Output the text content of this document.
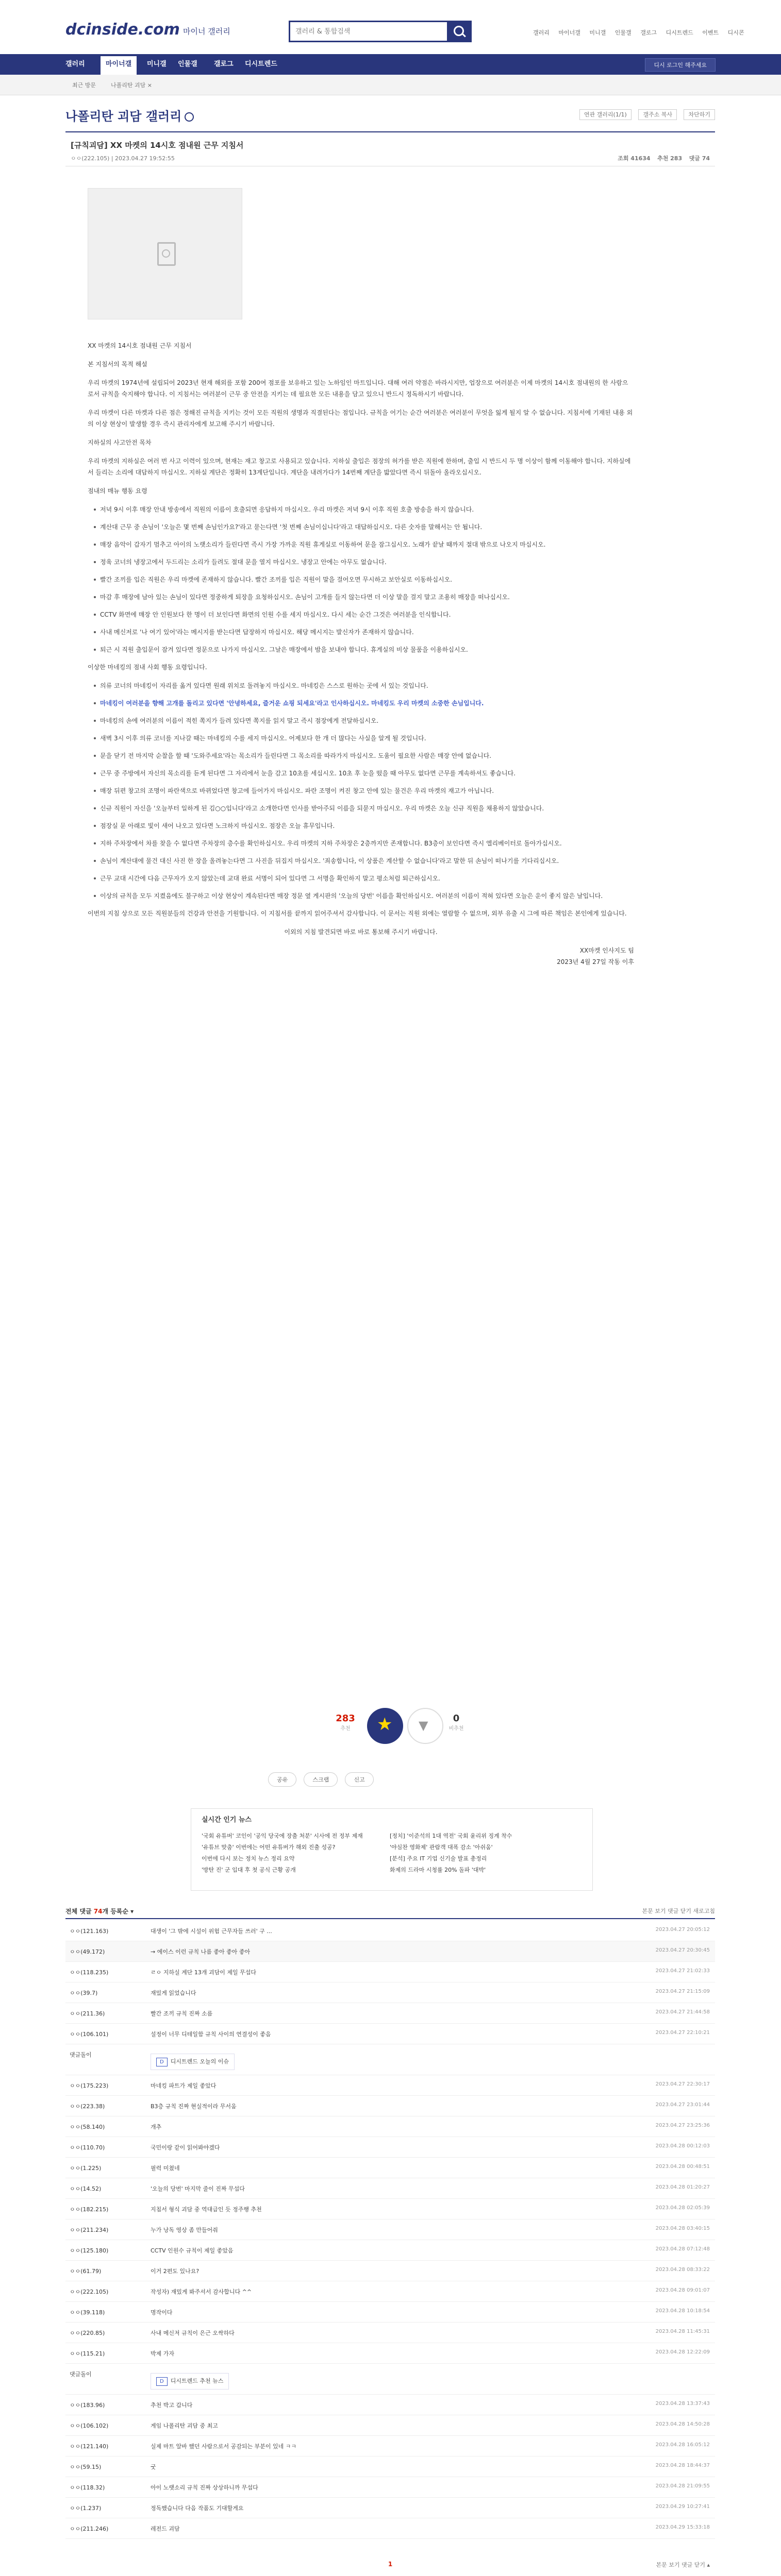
dcinside.com 마이너 갤러리
갤러리 & 통합검색	갤러리 마이너갤 미니갤 인물갤 갤로그 디시트렌드 이벤트 디시콘
갤러리	마이너갤	미니갤 인물갤 갤로그 디시트렌드	디시 로그인 해주세요
최근 방문	나폴리탄 괴담 ×
나폴리탄 괴담 갤러리	연관 갤러리(1/1)	갤주소 복사	차단하기
[규칙괴담] XX 마켓의 14시호 점내원 근무 지침서
ㅇㅇ(222.105) | 2023.04.27 19:52:55	조회 41634 추천 283 댓글 74
XX 마켓의 14시호 점내원 근무 지침서
본 지침서의 목적 해설
우리 마켓의 1974년에 설립되어 2023년 현재 해외를 포함 200여 점포를 보유하고 있는 노하임인 마트입니다. 대해 여러 약점은 바라시지만, 업장으로 여러분은 이제 마켓의 14시호 점내원의 한 사람으로서 규칙을 숙지해야 합니다. 이 지침서는 여러분이 근무 중 안전을 지키는 데 필요한 모든 내용을 담고 있으니 반드시 정독하시기 바랍니다.
우리 마켓이 다른 마켓과 다른 점은 정해진 규칙을 지키는 것이 모든 직원의 생명과 직결된다는 점입니다. 규칙을 어기는 순간 여러분은 여러분이 무엇을 잃게 될지 알 수 없습니다. 지침서에 기재된 내용 외의 이상 현상이 발생할 경우 즉시 관리자에게 보고해 주시기 바랍니다.
지하실의 사고안전 목차
우리 마켓의 지하실은 여러 번 사고 이력이 있으며, 현재는 재고 창고로 사용되고 있습니다. 지하실 출입은 점장의 허가를 받은 직원에 한하며, 출입 시 반드시 두 명 이상이 함께 이동해야 합니다. 지하실에서 들리는 소리에 대답하지 마십시오. 지하실 계단은 정확히 13계단입니다. 계단을 내려가다가 14번째 계단을 밟았다면 즉시 뒤돌아 올라오십시오.
점내의 매뉴 행동 요령
저녁 9시 이후 매장 안내 방송에서 직원의 이름이 호출되면 응답하지 마십시오. 우리 마켓은 저녁 9시 이후 직원 호출 방송을 하지 않습니다.
계산대 근무 중 손님이 '오늘은 몇 번째 손님인가요?'라고 묻는다면 '첫 번째 손님이십니다'라고 대답하십시오. 다른 숫자를 말해서는 안 됩니다.
매장 음악이 갑자기 멈추고 아이의 노랫소리가 들린다면 즉시 가장 가까운 직원 휴게실로 이동하여 문을 잠그십시오. 노래가 끝날 때까지 절대 밖으로 나오지 마십시오.
정육 코너의 냉장고에서 두드리는 소리가 들려도 절대 문을 열지 마십시오. 냉장고 안에는 아무도 없습니다.
빨간 조끼를 입은 직원은 우리 마켓에 존재하지 않습니다. 빨간 조끼를 입은 직원이 말을 걸어오면 무시하고 보안실로 이동하십시오.
마감 후 매장에 남아 있는 손님이 있다면 정중하게 퇴장을 요청하십시오. 손님이 고개를 들지 않는다면 더 이상 말을 걸지 말고 조용히 매장을 떠나십시오.
CCTV 화면에 매장 안 인원보다 한 명이 더 보인다면 화면의 인원 수를 세지 마십시오. 다시 세는 순간 그것은 여러분을 인식합니다.
사내 메신저로 '나 여기 있어'라는 메시지를 받는다면 답장하지 마십시오. 해당 메시지는 발신자가 존재하지 않습니다.
퇴근 시 직원 출입문이 잠겨 있다면 정문으로 나가지 마십시오. 그날은 매장에서 밤을 보내야 합니다. 휴게실의 비상 물품을 이용하십시오.
이상한 마네킹의 점내 사회 행동 요령입니다.
의류 코너의 마네킹이 자리를 옮겨 있다면 원래 위치로 돌려놓지 마십시오. 마네킹은 스스로 원하는 곳에 서 있는 것입니다.
마네킹이 여러분을 향해 고개를 돌리고 있다면 '안녕하세요, 즐거운 쇼핑 되세요'라고 인사하십시오. 마네킹도 우리 마켓의 소중한 손님입니다.
마네킹의 손에 여러분의 이름이 적힌 쪽지가 들려 있다면 쪽지를 읽지 말고 즉시 점장에게 전달하십시오.
새벽 3시 이후 의류 코너를 지나갈 때는 마네킹의 수를 세지 마십시오. 어제보다 한 개 더 많다는 사실을 알게 될 것입니다.
문을 닫기 전 마지막 순찰을 할 때 '도와주세요'라는 목소리가 들린다면 그 목소리를 따라가지 마십시오. 도움이 필요한 사람은 매장 안에 없습니다.
근무 중 주방에서 자신의 목소리를 듣게 된다면 그 자리에서 눈을 감고 10초를 세십시오. 10초 후 눈을 떴을 때 아무도 없다면 근무를 계속하셔도 좋습니다.
매장 뒤편 창고의 조명이 파란색으로 바뀌었다면 창고에 들어가지 마십시오. 파란 조명이 켜진 창고 안에 있는 물건은 우리 마켓의 재고가 아닙니다.
신규 직원이 자신을 '오늘부터 일하게 된 김○○입니다'라고 소개한다면 인사를 받아주되 이름을 되묻지 마십시오. 우리 마켓은 오늘 신규 직원을 채용하지 않았습니다.
점장실 문 아래로 빛이 새어 나오고 있다면 노크하지 마십시오. 점장은 오늘 휴무입니다.
지하 주차장에서 차를 찾을 수 없다면 주차장의 층수를 확인하십시오. 우리 마켓의 지하 주차장은 2층까지만 존재합니다. B3층이 보인다면 즉시 엘리베이터로 돌아가십시오.
손님이 계산대에 물건 대신 사진 한 장을 올려놓는다면 그 사진을 뒤집지 마십시오. '죄송합니다, 이 상품은 계산할 수 없습니다'라고 말한 뒤 손님이 떠나기를 기다리십시오.
근무 교대 시간에 다음 근무자가 오지 않았는데 교대 완료 서명이 되어 있다면 그 서명을 확인하지 말고 평소처럼 퇴근하십시오.
이상의 규칙을 모두 지켰음에도 불구하고 이상 현상이 계속된다면 매장 정문 옆 게시판의 '오늘의 당번' 이름을 확인하십시오. 여러분의 이름이 적혀 있다면 오늘은 운이 좋지 않은 날입니다.
이번의 지침 상으로 모든 직원분들의 건강과 안전을 기원합니다. 이 지침서를 끝까지 읽어주셔서 감사합니다. 이 문서는 직원 외에는 열람할 수 없으며, 외부 유출 시 그에 따른 책임은 본인에게 있습니다.
이외의 지침 발견되면 바로 바로 통보해 주시기 바랍니다.
XX마켓 인사지도 팀
2023년 4월 27일 작동 이후
283
추천
★
▼
0
비추천
공유	스크랩	신고
실시간 인기 뉴스
'국회 유튜버' 코인이 '공익 당국에 장출 처분' 시사에 전 정부 제재	[정치] '이준석의 1대 역전' 국회 윤리위 징계 착수
'유튜브 맞춤' 이번에는 어떤 유튜버가 해외 진출 성공?	'야심찬 영화제' 관람객 대폭 감소 '아쉬움'
이번에 다시 보는 정치 뉴스 정리 요약	[분석] 주요 IT 기업 신기술 발표 총정리
'방탄 진' 군 입대 후 첫 공식 근황 공개	화제의 드라마 시청률 20% 돌파 '대박'
전체 댓글 74개 등록순 ▾	본문 보기 댓글 닫기 새로고침
ㅇㅇ(121.163)	대생이 '그 밖에 시설이 위험 근무자들 쓰러' 구 ...	2023.04.27 20:05:12
ㅇㅇ(49.172)	→ 에이스 이런 규칙 나름 좋아 좋아 좋아	2023.04.27 20:30:45
ㅇㅇ(118.235)	ㄹㅇ 지하실 계단 13개 괴담이 제일 무섭다	2023.04.27 21:02:33
ㅇㅇ(39.7)	재밌게 읽었습니다	2023.04.27 21:15:09
ㅇㅇ(211.36)	빨간 조끼 규칙 진짜 소름	2023.04.27 21:44:58
ㅇㅇ(106.101)	설정이 너무 디테일함 규칙 사이의 연결성이 좋음	2023.04.27 22:10:21
댓글돌이
D 디시트렌드 오늘의 이슈
ㅇㅇ(175.223)	마네킹 파트가 제일 좋았다	2023.04.27 22:30:17
ㅇㅇ(223.38)	B3층 규칙 진짜 현실적이라 무서움	2023.04.27 23:01:44
ㅇㅇ(58.140)	개추	2023.04.27 23:25:36
ㅇㅇ(110.70)	국민이랑 같이 읽어봐야겠다	2023.04.28 00:12:03
ㅇㅇ(1.225)	필력 미쳤네	2023.04.28 00:48:51
ㅇㅇ(14.52)	'오늘의 당번' 마지막 줄이 진짜 무섭다	2023.04.28 01:20:27
ㅇㅇ(182.215)	지침서 형식 괴담 중 역대급인 듯 정주행 추천	2023.04.28 02:05:39
ㅇㅇ(211.234)	누가 낭독 영상 좀 만들어줘	2023.04.28 03:40:15
ㅇㅇ(125.180)	CCTV 인원수 규칙이 제일 좋았음	2023.04.28 07:12:48
ㅇㅇ(61.79)	이거 2편도 있나요?	2023.04.28 08:33:22
ㅇㅇ(222.105)	작성자) 재밌게 봐주셔서 감사합니다 ^^	2023.04.28 09:01:07
ㅇㅇ(39.118)	명작이다	2023.04.28 10:18:54
ㅇㅇ(220.85)	사내 메신저 규칙이 은근 오싹하다	2023.04.28 11:45:31
ㅇㅇ(115.21)	박제 가자	2023.04.28 12:22:09
댓글돌이
D 디시트렌드 추천 뉴스
ㅇㅇ(183.96)	추천 박고 갑니다	2023.04.28 13:37:43
ㅇㅇ(106.102)	게임 나폴리탄 괴담 중 최고	2023.04.28 14:50:28
ㅇㅇ(121.140)	실제 마트 알바 했던 사람으로서 공감되는 부분이 있네 ㅋㅋ	2023.04.28 16:05:12
ㅇㅇ(59.15)	굿	2023.04.28 18:44:37
ㅇㅇ(118.32)	아이 노랫소리 규칙 진짜 상상하니까 무섭다	2023.04.28 21:09:55
ㅇㅇ(1.237)	정독했습니다 다음 작품도 기대할게요	2023.04.29 10:27:41
ㅇㅇ(211.246)	레전드 괴담	2023.04.29 15:33:18
1	본문 보기 댓글 닫기 ▴
